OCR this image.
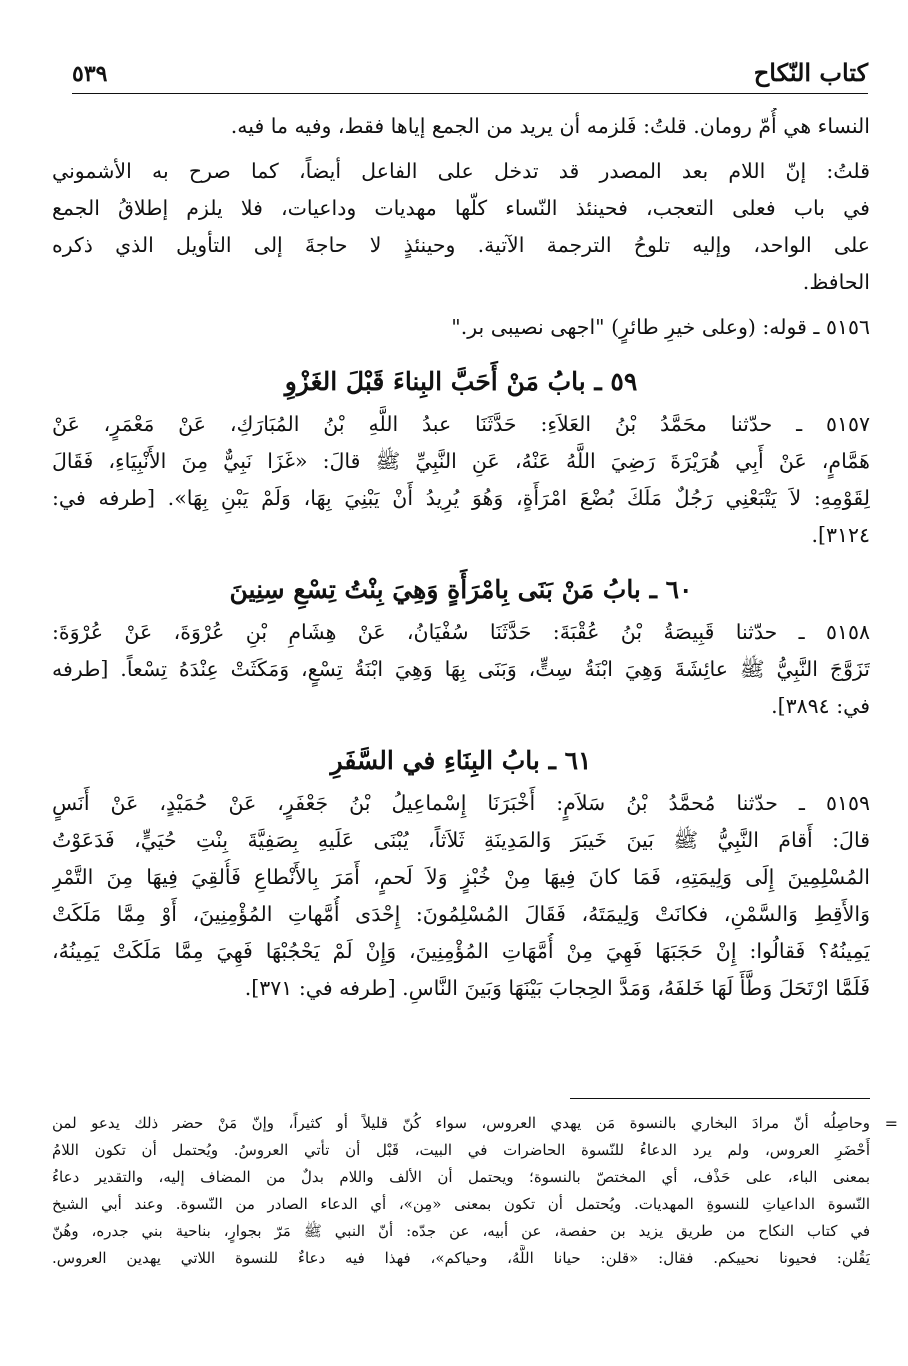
كتاب النّكاح
٥٣٩
النساء هي أُمّ رومان. قلتُ: فَلزمه أن يريد من الجمع إياها فقط، وفيه ما فيه.
قلتُ: إنّ اللام بعد المصدر قد تدخل على الفاعل أيضاً، كما صرح به الأشموني
في باب فعلى التعجب، فحينئذ النّساء كلّها مهديات وداعيات، فلا يلزم إطلاقُ الجمع
على الواحد، وإليه تلوحُ الترجمة الآتية. وحينئذٍ لا حاجةَ إلى التأويل الذي ذكره
الحافظ.
٥١٥٦ ـ قوله: (وعلى خيرِ طائرٍ) "اجهى نصيبى بر."
٥٩ ـ بابُ مَنْ أَحَبَّ البِناءَ قَبْلَ الغَزْوِ
٥١٥٧ ـ حدّثنا محَمَّدُ بْنُ العَلاَءِ: حَدَّثَنَا عبدُ اللَّهِ بْنُ المُبَارَكِ، عَنْ مَعْمَرٍ، عَنْ
هَمَّامٍ، عَنْ أَبِي هُرَيْرَةَ رَضِيَ اللَّهُ عَنْهُ، عَنِ النَّبِيِّ ﷺ قالَ: «غَزَا نَبِيٌّ مِنَ الأَنْبِيَاءِ، فَقَالَ
لِقَوْمِهِ: لاَ يَتْبَعْنِي رَجُلٌ مَلَكَ بُضْعَ امْرَأَةٍ، وَهُوَ يُرِيدُ أَنْ يَبْنِيَ بِهَا، وَلَمْ يَبْنِ بِهَا». [طرفه في:
٣١٢٤].
٦٠ ـ بابُ مَنْ بَنَى بِامْرَأَةٍ وَهِيَ بِنْتُ تِسْعِ سِنِينَ
٥١٥٨ ـ حدّثنا قَبِيصَةُ بْنُ عُقْبَةَ: حَدَّثَنَا سُفْيَانُ، عَنْ هِشَامِ بْنِ عُرْوَةَ، عَنْ عُرْوَةَ:
تَزَوَّجَ النَّبِيُّ ﷺ عائِشَةَ وَهِيَ ابْنَةُ سِتٍّ، وَبَنَى بِهَا وَهِيَ ابْنَةُ تِسْعٍ، وَمَكَثَتْ عِنْدَهُ تِسْعاً. [طرفه
في: ٣٨٩٤].
٦١ ـ بابُ البِنَاءِ في السَّفَرِ
٥١٥٩ ـ حدّثنا مُحمَّدُ بْنُ سَلاَمٍ: أَخْبَرَنَا إِسْماعِيلُ بْنُ جَعْفَرٍ، عَنْ حُمَيْدٍ، عَنْ أَنَسٍ
قالَ: أَقامَ النَّبِيُّ ﷺ بَينَ خَيبَرَ وَالمَدِينَةِ ثَلاَثاً، يُبْنَى عَلَيهِ بِصَفِيَّةَ بِنْتِ حُيَيٍّ، فَدَعَوْتُ
المُسْلِمِينَ إِلَى وَلِيمَتِهِ، فَمَا كانَ فِيهَا مِنْ خُبْزٍ وَلاَ لَحمٍ، أَمَرَ بِالأَنْطاعِ فَأُلقِيَ فِيهَا مِنَ التَّمْرِ
وَالأَقِطِ وَالسَّمْنِ، فكانَتْ وَلِيمَتَهُ، فَقَالَ المُسْلِمُونَ: إِحْدَى أُمَّهاتِ المُؤْمِنِينَ، أَوْ مِمَّا مَلَكَتْ
يَمِينُهُ؟ فَقالُوا: إِنْ حَجَبَهَا فَهِيَ مِنْ أُمَّهَاتِ المُؤْمِنِينَ، وَإِنْ لَمْ يَحْجُبْهَا فَهِيَ مِمَّا مَلَكَتْ يَمِينُهُ،
فَلَمَّا ارْتَحَلَ وَطَّأَ لَهَا خَلفَهُ، وَمَدَّ الحِجابَ بَيْنَهَا وَبَينَ النَّاسِ. [طرفه في: ٣٧١].
=
وحاصِلُه أنّ مرادَ البخاري بالنسوة مَن يهدي العروس، سواء كُنّ قليلاً أو كثيراً، وإنّ مَنْ حضر ذلك يدعو لمن
أَحْضَرِ العروس، ولم يرد الدعاءُ للنّسوة الحاضرات في البيت، قَبْل أن تأتي العروسُ. ويُحتمل أن تكون اللامُ
بمعنى الباء، على حَذْف، أي المختصّ بالنسوة؛ ويحتمل أن الألف واللام بدلٌ من المضاف إليه، والتقدير دعاءُ
النّسوة الداعياتِ للنسوةِ المهديات. ويُحتمل أن تكون بمعنى «مِن»، أي الدعاء الصادر من النّسوة. وعند أبي الشيخ
في كتاب النكاح من طريق يزيد بن حفصة، عن أبيه، عن جدّه: أنّ النبي ﷺ مَرّ بجوارٍ، بناحية بني جدره، وهُنّ
يَقُلن: فحيونا نحييكم. فقال: «قلن: حيانا اللَّهُ، وحياكم»، فهذا فيه دعاءٌ للنسوة اللاتي يهدين العروس.
